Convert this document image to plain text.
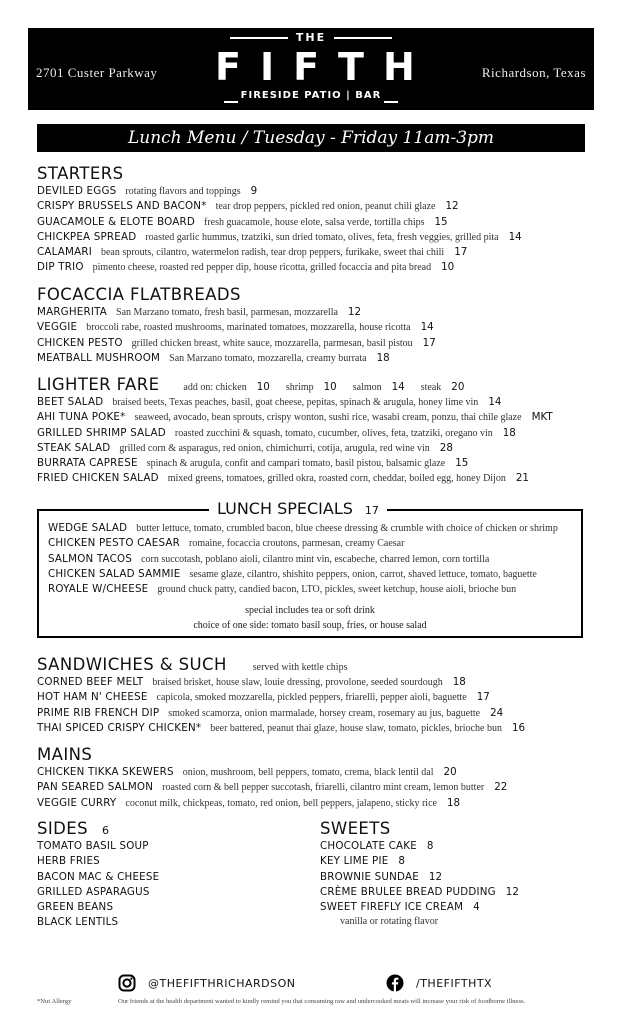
2701 Custer Parkway
THE
FIFTH
FIRESIDE PATIO | BAR
Richardson, Texas
Lunch Menu / Tuesday - Friday 11am-3pm
STARTERS
DEVILED EGGS rotating flavors and toppings 9
CRISPY BRUSSELS AND BACON* tear drop peppers, pickled red onion, peanut chili glaze 12
GUACAMOLE & ELOTE BOARD fresh guacamole, house elote, salsa verde, tortilla chips 15
CHICKPEA SPREAD roasted garlic hummus, tzatziki, sun dried tomato, olives, feta, fresh veggies, grilled pita 14
CALAMARI bean sprouts, cilantro, watermelon radish, tear drop peppers, furikake, sweet thai chili 17
DIP TRIO pimento cheese, roasted red pepper dip, house ricotta, grilled focaccia and pita bread 10
FOCACCIA FLATBREADS
MARGHERITA San Marzano tomato, fresh basil, parmesan, mozzarella 12
VEGGIE broccoli rabe, roasted mushrooms, marinated tomatoes, mozzarella, house ricotta 14
CHICKEN PESTO grilled chicken breast, white sauce, mozzarella, parmesan, basil pistou 17
MEATBALL MUSHROOM San Marzano tomato, mozzarella, creamy burrata 18
LIGHTER FARE add on: chicken 10 shrimp 10 salmon 14 steak 20
BEET SALAD braised beets, Texas peaches, basil, goat cheese, pepitas, spinach & arugula, honey lime vin 14
AHI TUNA POKE* seaweed, avocado, bean sprouts, crispy wonton, sushi rice, wasabi cream, ponzu, thai chile glaze MKT
GRILLED SHRIMP SALAD roasted zucchini & squash, tomato, cucumber, olives, feta, tzatziki, oregano vin 18
STEAK SALAD grilled corn & asparagus, red onion, chimichurri, cotija, arugula, red wine vin 28
BURRATA CAPRESE spinach & arugula, confit and campari tomato, basil pistou, balsamic glaze 15
FRIED CHICKEN SALAD mixed greens, tomatoes, grilled okra, roasted corn, cheddar, boiled egg, honey Dijon 21
LUNCH SPECIALS 17
WEDGE SALAD butter lettuce, tomato, crumbled bacon, blue cheese dressing & crumble with choice of chicken or shrimp
CHICKEN PESTO CAESAR romaine, focaccia croutons, parmesan, creamy Caesar
SALMON TACOS corn succotash, poblano aioli, cilantro mint vin, escabeche, charred lemon, corn tortilla
CHICKEN SALAD SAMMIE sesame glaze, cilantro, shishito peppers, onion, carrot, shaved lettuce, tomato, baguette
ROYALE W/CHEESE ground chuck patty, candied bacon, LTO, pickles, sweet ketchup, house aioli, brioche bun
special includes tea or soft drink
choice of one side: tomato basil soup, fries, or house salad
SANDWICHES & SUCH	served with kettle chips
CORNED BEEF MELT braised brisket, house slaw, louie dressing, provolone, seeded sourdough 18
HOT HAM N' CHEESE capicola, smoked mozzarella, pickled peppers, friarelli, pepper aioli, baguette 17
PRIME RIB FRENCH DIP smoked scamorza, onion marmalade, horsey cream, rosemary au jus, baguette 24
THAI SPICED CRISPY CHICKEN* beer battered, peanut thai glaze, house slaw, tomato, pickles, brioche bun 16
MAINS
CHICKEN TIKKA SKEWERS onion, mushroom, bell peppers, tomato, crema, black lentil dal 20
PAN SEARED SALMON roasted corn & bell pepper succotash, friarelli, cilantro mint cream, lemon butter 22
VEGGIE CURRY coconut milk, chickpeas, tomato, red onion, bell peppers, jalapeno, sticky rice 18
SIDES 6
TOMATO BASIL SOUP
HERB FRIES
BACON MAC & CHEESE
GRILLED ASPARAGUS
GREEN BEANS
BLACK LENTILS
SWEETS
CHOCOLATE CAKE 8
KEY LIME PIE 8
BROWNIE SUNDAE 12
CRÈME BRULEE BREAD PUDDING 12
SWEET FIREFLY ICE CREAM 4
vanilla or rotating flavor
@THEFIFTHRICHARDSON	/THEFIFTHTX
*Nut Allergy	Our friends at the health department wanted to kindly remind you that consuming raw and undercooked meats will increase your risk of foodborne illness.
